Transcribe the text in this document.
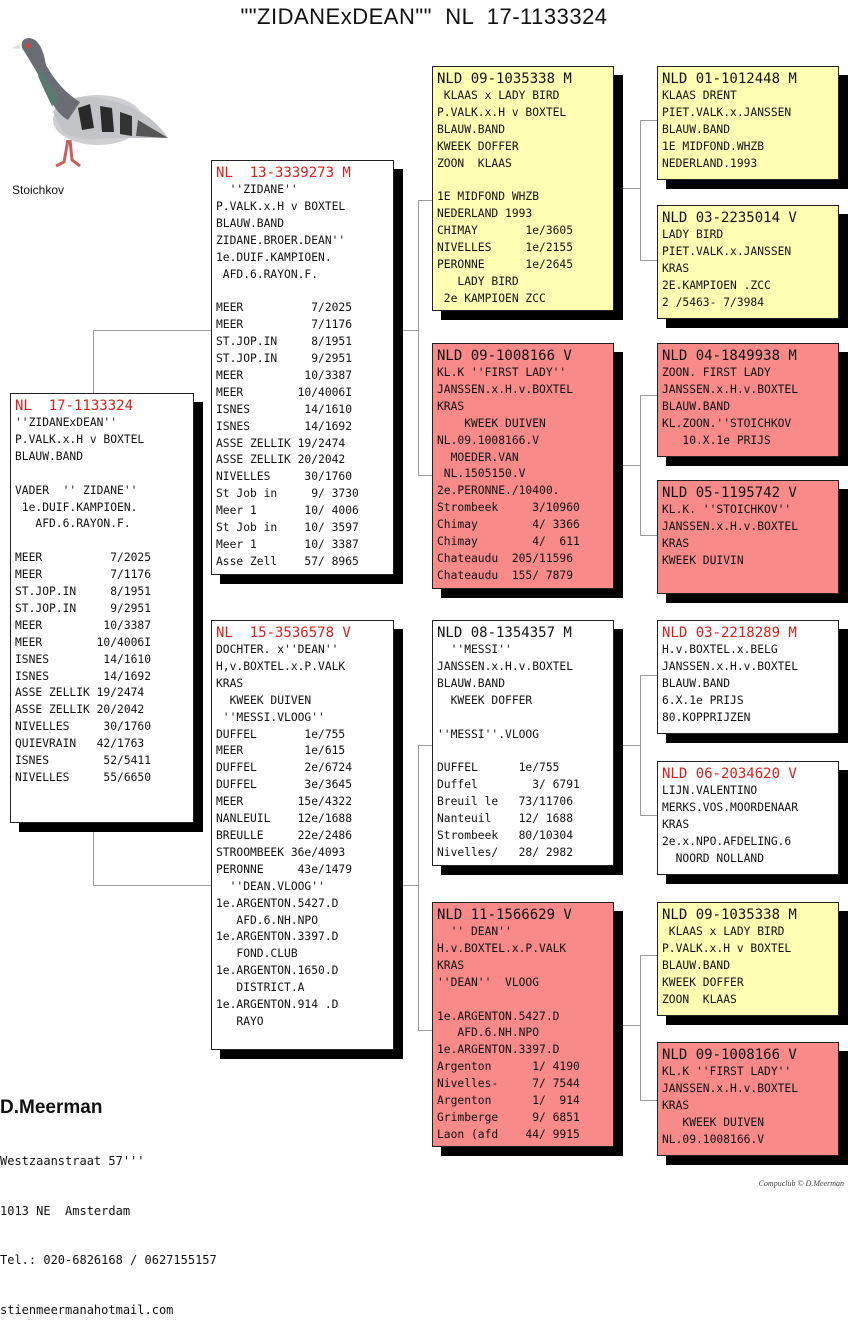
""ZIDANExDEAN""  NL  17-1133324
Stoichkov
NL  17-1133324
''ZIDANExDEAN''
P.VALK.x.H v BOXTEL
BLAUW.BAND
VADER  '' ZIDANE''
1e.DUIF.KAMPIOEN.
AFD.6.RAYON.F.
MEER          7/2025
MEER          7/1176
ST.JOP.IN     8/1951
ST.JOP.IN     9/2951
MEER         10/3387
MEER        10/4006I
ISNES        14/1610
ISNES        14/1692
ASSE ZELLIK 19/2474
ASSE ZELLIK 20/2042
NIVELLES     30/1760
QUIEVRAIN   42/1763
ISNES        52/5411
NIVELLES     55/6650
NL  13-3339273 M
''ZIDANE''
P.VALK.x.H v BOXTEL
BLAUW.BAND
ZIDANE.BROER.DEAN''
1e.DUIF.KAMPIOEN.
AFD.6.RAYON.F.
MEER          7/2025
MEER          7/1176
ST.JOP.IN     8/1951
ST.JOP.IN     9/2951
MEER         10/3387
MEER        10/4006I
ISNES        14/1610
ISNES        14/1692
ASSE ZELLIK 19/2474
ASSE ZELLIK 20/2042
NIVELLES     30/1760
St Job in     9/ 3730
Meer 1       10/ 4006
St Job in    10/ 3597
Meer 1       10/ 3387
Asse Zell    57/ 8965
NL  15-3536578 V
DOCHTER. x''DEAN''
H,v.BOXTEL.x.P.VALK
KRAS
KWEEK DUIVEN
''MESSI.VLOOG''
DUFFEL       1e/755
MEER         1e/615
DUFFEL       2e/6724
DUFFEL       3e/3645
MEER        15e/4322
NANLEUIL    12e/1688
BREULLE     22e/2486
STROOMBEEK 36e/4093
PERONNE     43e/1479
''DEAN.VLOOG''
1e.ARGENTON.5427.D
AFD.6.NH.NPO
1e.ARGENTON.3397.D
FOND.CLUB
1e.ARGENTON.1650.D
DISTRICT.A
1e.ARGENTON.914 .D
RAYO
NLD 09-1035338 M
KLAAS x LADY BIRD
P.VALK.x.H v BOXTEL
BLAUW.BAND
KWEEK DOFFER
ZOON  KLAAS
1E MIDFOND WHZB
NEDERLAND 1993
CHIMAY       1e/3605
NIVELLES     1e/2155
PERONNE      1e/2645
LADY BIRD
2e KAMPIOEN ZCC
NLD 09-1008166 V
KL.K ''FIRST LADY''
JANSSEN.x.H.v.BOXTEL
KRAS
KWEEK DUIVEN
NL.09.1008166.V
MOEDER.VAN
NL.1505150.V
2e.PERONNE./10400.
Strombeek     3/10960
Chimay        4/ 3366
Chimay        4/  611
Chateaudu  205/11596
Chateaudu  155/ 7879
NLD 08-1354357 M
''MESSI''
JANSSEN.x.H.v.BOXTEL
BLAUW.BAND
KWEEK DOFFER
''MESSI''.VLOOG
DUFFEL      1e/755
Duffel        3/ 6791
Breuil le   73/11706
Nanteuil    12/ 1688
Strombeek   80/10304
Nivelles/   28/ 2982
NLD 11-1566629 V
'' DEAN''
H.v.BOXTEL.x.P.VALK
KRAS
''DEAN''  VLOOG
1e.ARGENTON.5427.D
AFD.6.NH.NPO
1e.ARGENTON.3397.D
Argenton      1/ 4190
Nivelles-     7/ 7544
Argenton      1/  914
Grimberge     9/ 6851
Laon (afd    44/ 9915
NLD 01-1012448 M
KLAAS DRENT
PIET.VALK.x.JANSSEN
BLAUW.BAND
1E MIDFOND.WHZB
NEDERLAND.1993
NLD 03-2235014 V
LADY BIRD
PIET.VALK.x.JANSSEN
KRAS
2E.KAMPIOEN .ZCC
2 /5463- 7/3984
NLD 04-1849938 M
ZOON. FIRST LADY
JANSSEN.x.H.v.BOXTEL
BLAUW.BAND
KL.ZOON.''STOICHKOV
10.X.1e PRIJS
NLD 05-1195742 V
KL.K. ''STOICHKOV''
JANSSEN.x.H.v.BOXTEL
KRAS
KWEEK DUIVIN
NLD 03-2218289 M
H.v.BOXTEL.x.BELG
JANSSEN.x.H.v.BOXTEL
BLAUW.BAND
6.X.1e PRIJS
80.KOPPRIJZEN
NLD 06-2034620 V
LIJN.VALENTINO
MERKS.VOS.MOORDENAAR
KRAS
2e.x.NPO.AFDELING.6
NOORD NOLLAND
NLD 09-1035338 M
KLAAS x LADY BIRD
P.VALK.x.H v BOXTEL
BLAUW.BAND
KWEEK DOFFER
ZOON  KLAAS
NLD 09-1008166 V
KL.K ''FIRST LADY''
JANSSEN.x.H.v.BOXTEL
KRAS
KWEEK DUIVEN
NL.09.1008166.V

D.Meerman

Westzaanstraat 57'''

1013 NE  Amsterdam

Tel.: 020-6826168 / 0627155157

stienmeermanahotmail.com

Compuclub © D.Meerman
